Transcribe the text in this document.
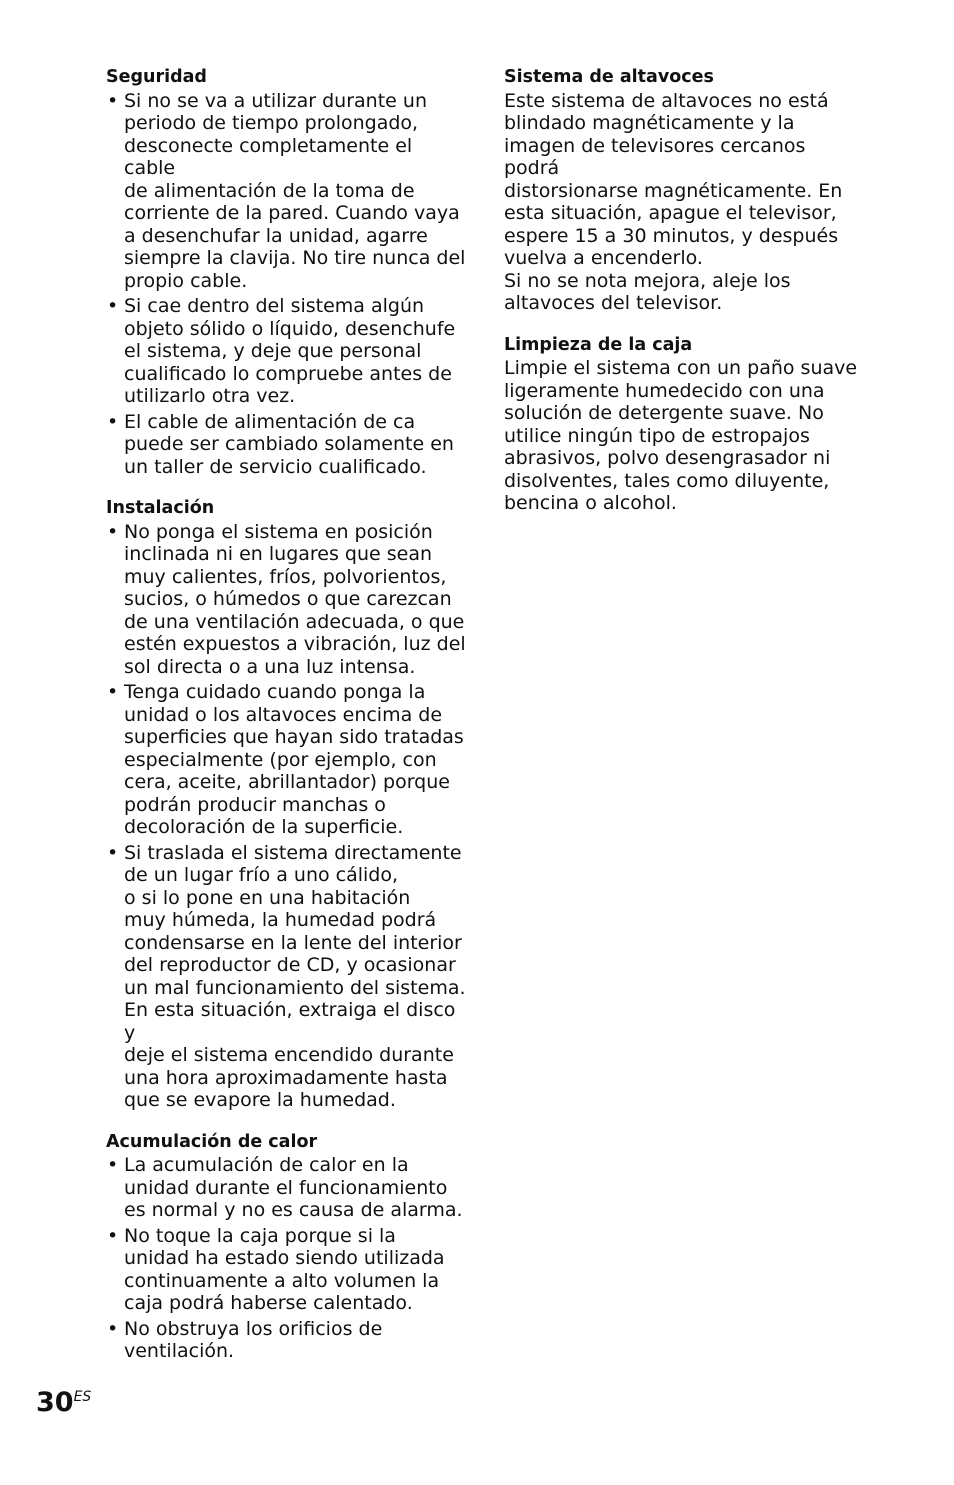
Seguridad
• Si no se va a utilizar durante un
periodo de tiempo prolongado,
desconecte completamente el cable
de alimentación de la toma de
corriente de la pared. Cuando vaya
a desenchufar la unidad, agarre
siempre la clavija. No tire nunca del
propio cable.
• Si cae dentro del sistema algún
objeto sólido o líquido, desenchufe
el sistema, y deje que personal
cualificado lo compruebe antes de
utilizarlo otra vez.
• El cable de alimentación de ca
puede ser cambiado solamente en
un taller de servicio cualificado.
Instalación
• No ponga el sistema en posición
inclinada ni en lugares que sean
muy calientes, fríos, polvorientos,
sucios, o húmedos o que carezcan
de una ventilación adecuada, o que
estén expuestos a vibración, luz del
sol directa o a una luz intensa.
• Tenga cuidado cuando ponga la
unidad o los altavoces encima de
superficies que hayan sido tratadas
especialmente (por ejemplo, con
cera, aceite, abrillantador) porque
podrán producir manchas o
decoloración de la superficie.
• Si traslada el sistema directamente
de un lugar frío a uno cálido,
o si lo pone en una habitación
muy húmeda, la humedad podrá
condensarse en la lente del interior
del reproductor de CD, y ocasionar
un mal funcionamiento del sistema.
En esta situación, extraiga el disco y
deje el sistema encendido durante
una hora aproximadamente hasta
que se evapore la humedad.
Acumulación de calor
• La acumulación de calor en la
unidad durante el funcionamiento
es normal y no es causa de alarma.
• No toque la caja porque si la
unidad ha estado siendo utilizada
continuamente a alto volumen la
caja podrá haberse calentado.
• No obstruya los orificios de
ventilación.
Sistema de altavoces

Este sistema de altavoces no está
blindado magnéticamente y la
imagen de televisores cercanos podrá
distorsionarse magnéticamente. En
esta situación, apague el televisor,
espere 15 a 30 minutos, y después
vuelva a encenderlo.
Si no se nota mejora, aleje los
altavoces del televisor.

Limpieza de la caja

Limpie el sistema con un paño suave
ligeramente humedecido con una
solución de detergente suave. No
utilice ningún tipo de estropajos
abrasivos, polvo desengrasador ni
disolventes, tales como diluyente,
bencina o alcohol.

$30^{ES}$
